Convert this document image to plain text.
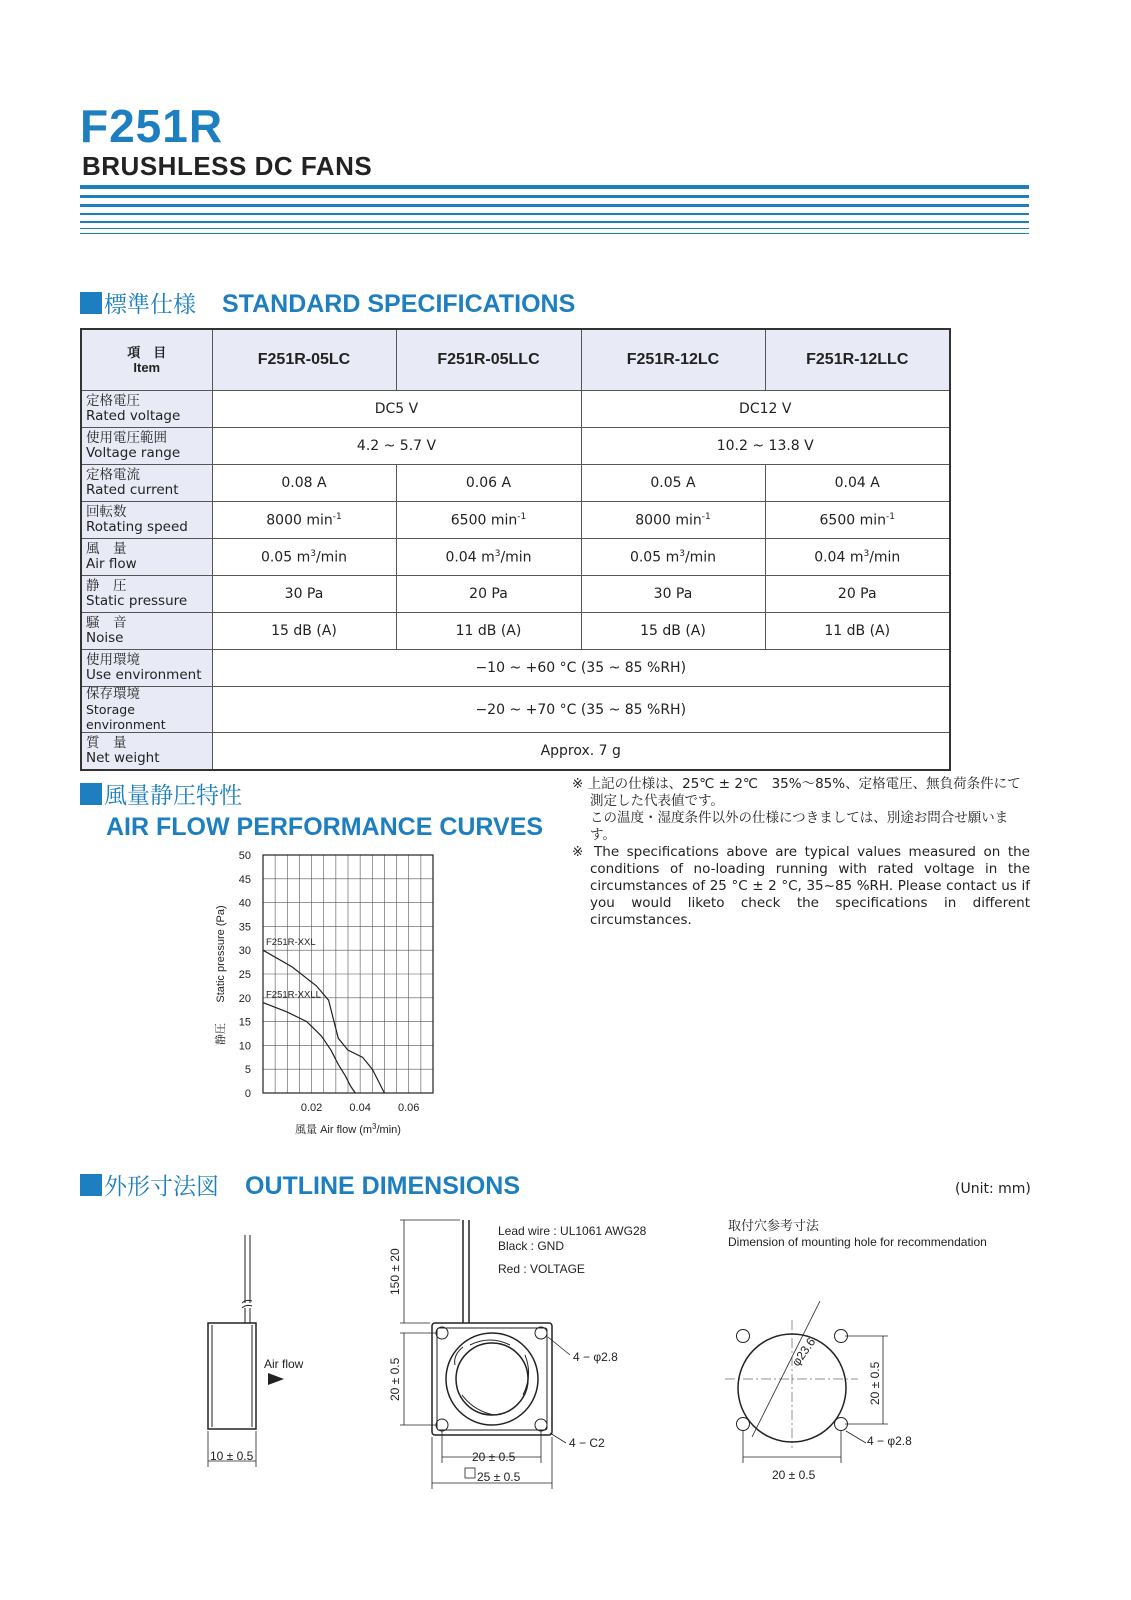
F251R
BRUSHLESS DC FANS
標準仕様 STANDARD SPECIFICATIONS
項　目
Item	F251R-05LC	F251R-05LLC	F251R-12LC	F251R-12LLC

定格電圧
Rated voltage	DC5 V		DC12 V	

使用電圧範囲
Voltage range	4.2 ~ 5.7 V		10.2 ~ 13.8 V	

定格電流
Rated current	0.08 A	0.06 A	0.05 A	0.04 A

回転数
Rotating speed	8000 $\min^{-1}$	6500 $\min^{-1}$	8000 $\min^{-1}$	6500 $\min^{-1}$

風　量
Air flow	0.05 $m^3/\min$	0.04 $m^3/\min$	0.05 $m^3/\min$	0.04 $m^3/\min$

静　圧
Static pressure	30 Pa	20 Pa	30 Pa	20 Pa

騒　音
Noise	15 dB (A)	11 dB (A)	15 dB (A)	11 dB (A)

使用環境
Use environment	−10 ~ +60 °C (35 ~ 85 %RH)			

保存環境
Storage environment	−20 ~ +70 °C (35 ~ 85 %RH)			

質　量
Net weight	Approx. 7 g			
風量静圧特性
AIR FLOW PERFORMANCE CURVES

※ 上記の仕様は、25℃ ± 2℃　35%〜85%、定格電圧、無負荷条件にて測定した代表値です。

この温度・湿度条件以外の仕様につきましては、別途お問合せ願います。

※ The specifications above are typical values measured on the conditions of no-loading running with rated voltage in the circumstances of 25 °C ± 2 °C, 35~85 %RH. Please contact us if you would liketo check the specifications in different circumstances.

0
5
10
15
20
25
30
35
40
45
50
0.02 0.04 0.06
風量 Air flow $(m^3/\min)$
静圧
Static pressure (Pa)	F251R-XXL
F251R-XXLL
外形寸法図 OUTLINE DIMENSIONS	(Unit: mm)
Air flow
10 ± 0.5
Lead wire : UL1061 AWG28
Black : GND
Red : VOLTAGE
150 ± 20
20 ± 0.5
4 − φ2.8
4 − C2
20 ± 0.5
25 ± 0.5
取付穴参考寸法
Dimension of mounting hole for recommendation
φ23.6
20 ± 0.5
4 − φ2.8
20 ± 0.5
